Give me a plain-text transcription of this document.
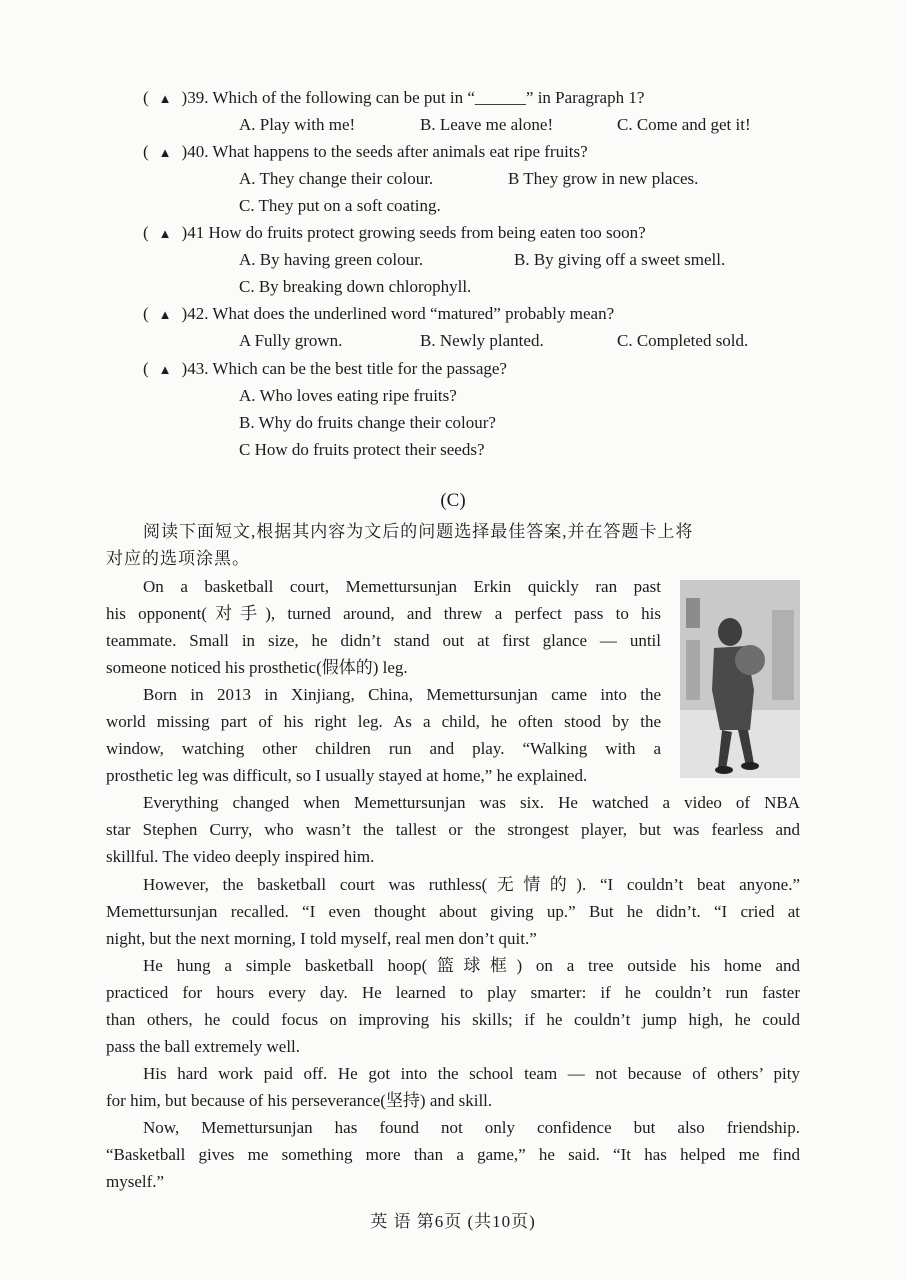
( ▲ )39. Which of the following can be put in “______” in Paragraph 1?
A. Play with me!	B. Leave me alone!	C. Come and get it!
( ▲ )40. What happens to the seeds after animals eat ripe fruits?
A. They change their colour.	B They grow in new places.
C. They put on a soft coating.
( ▲ )41 How do fruits protect growing seeds from being eaten too soon?
A. By having green colour.	B. By giving off a sweet smell.
C. By breaking down chlorophyll.
( ▲ )42. What does the underlined word “matured” probably mean?
A Fully grown.	B. Newly planted.	C. Completed sold.
( ▲ )43. Which can be the best title for the passage?
A. Who loves eating ripe fruits?
B. Why do fruits change their colour?
C How do fruits protect their seeds?
(C)
阅读下面短文,根据其内容为文后的问题选择最佳答案,并在答题卡上将
对应的选项涂黑。
On a basketball court, Memettursunjan Erkin quickly ran past
his opponent(对手), turned around, and threw a perfect pass to his
teammate. Small in size, he didn’t stand out at first glance — until
someone noticed his prosthetic(假体的) leg.
Born in 2013 in Xinjiang, China, Memettursunjan came into the
world missing part of his right leg. As a child, he often stood by the
window, watching other children run and play. “Walking with a
prosthetic leg was difficult, so I usually stayed at home,” he explained.
Everything changed when Memettursunjan was six. He watched a video of NBA
star Stephen Curry, who wasn’t the tallest or the strongest player, but was fearless and
skillful. The video deeply inspired him.
However, the basketball court was ruthless(无情的). “I couldn’t beat anyone.”
Memettursunjan recalled. “I even thought about giving up.” But he didn’t. “I cried at
night, but the next morning, I told myself, real men don’t quit.”
He hung a simple basketball hoop(篮球框) on a tree outside his home and
practiced for hours every day. He learned to play smarter: if he couldn’t run faster
than others, he could focus on improving his skills; if he couldn’t jump high, he could
pass the ball extremely well.
His hard work paid off. He got into the school team — not because of others’ pity
for him, but because of his perseverance(坚持) and skill.
Now, Memettursunjan has found not only confidence but also friendship.
“Basketball gives me something more than a game,” he said. “It has helped me find
myself.”
英 语 第6页 (共10页)
